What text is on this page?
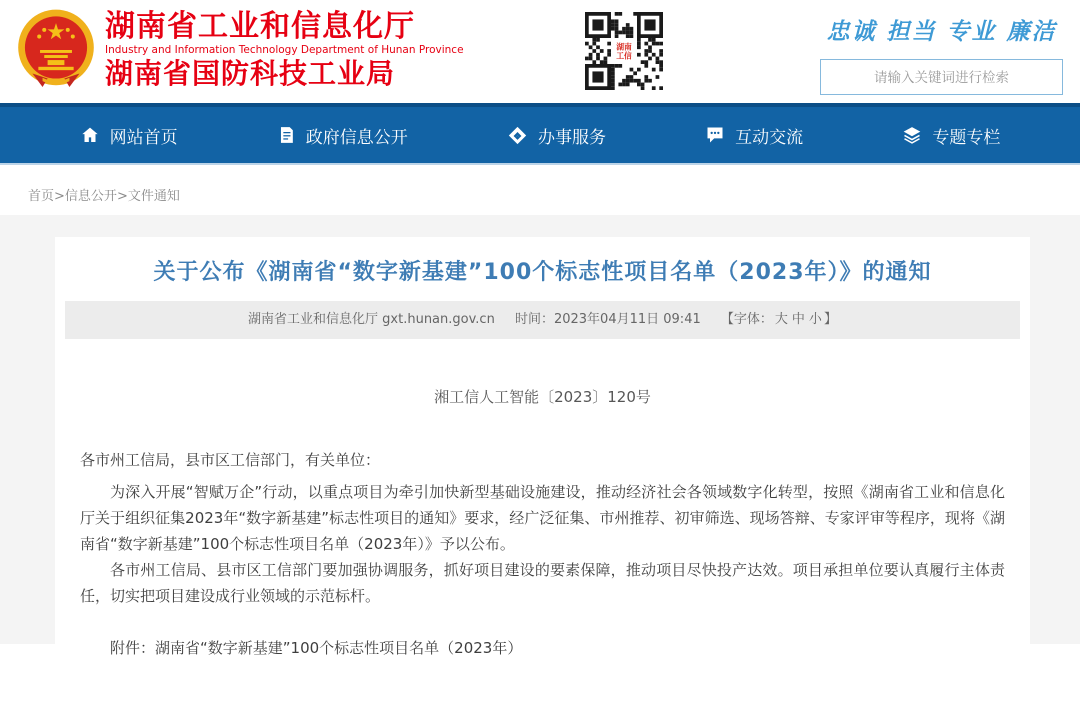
湖南省工业和信息化厅
Industry and Information Technology Department of Hunan Province
湖南省国防科技工业局
湖南
工信
忠诚 担当 专业 廉洁
请输入关键词进行检索
网站首页	政府信息公开	办事服务	互动交流	专题专栏
首页>信息公开>文件通知
关于公布《湖南省“数字新基建”100个标志性项目名单（2023年）》的通知
湖南省工业和信息化厅 gxt.hunan.gov.cn 时间：2023年04月11日 09:41 【字体： 大 中 小 】
湘工信人工智能〔2023〕120号

各市州工信局，县市区工信部门，有关单位：

为深入开展“智赋万企”行动，以重点项目为牵引加快新型基础设施建设，推动经济社会各领域数字化转型，按照《湖南省工业和信息化厅关于组织征集2023年“数字新基建”标志性项目的通知》要求，经广泛征集、市州推荐、初审筛选、现场答辩、专家评审等程序，现将《湖南省“数字新基建”100个标志性项目名单（2023年）》予以公布。

各市州工信局、县市区工信部门要加强协调服务，抓好项目建设的要素保障，推动项目尽快投产达效。项目承担单位要认真履行主体责任，切实把项目建设成行业领域的示范标杆。

附件：湖南省“数字新基建”100个标志性项目名单（2023年）
